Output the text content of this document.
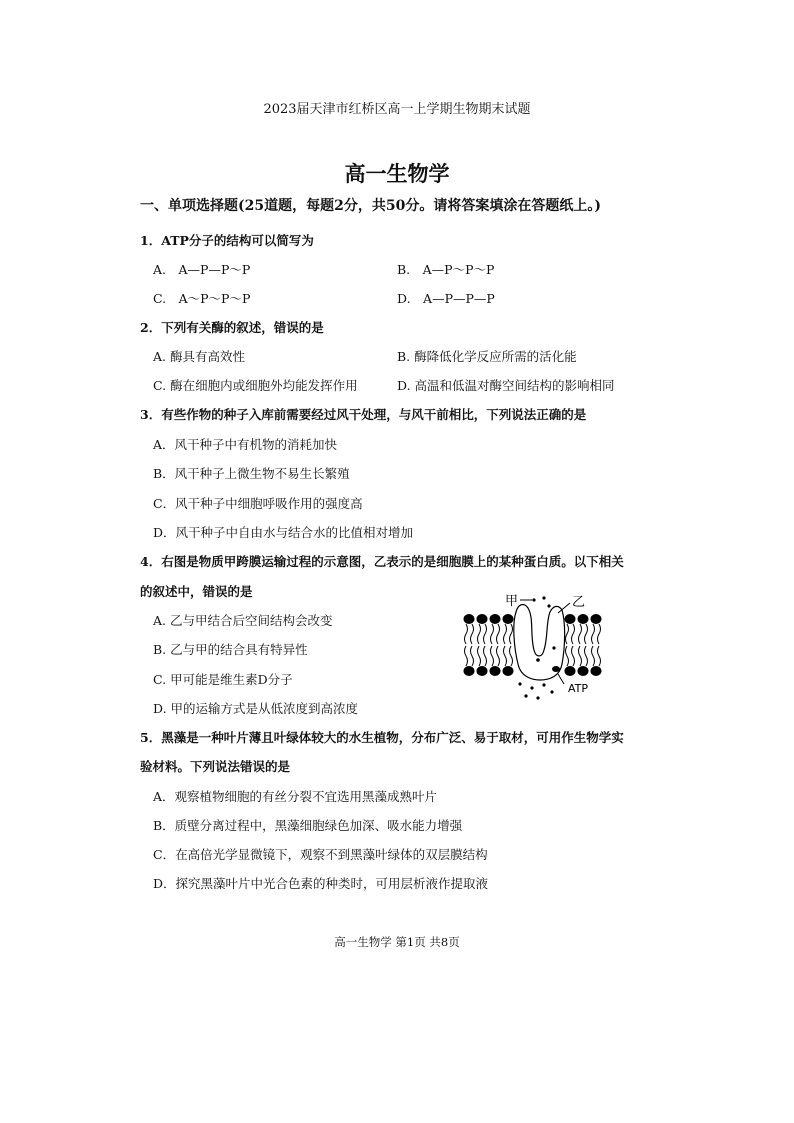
2023届天津市红桥区高一上学期生物期末试题
高一生物学
一、单项选择题(25道题，每题2分，共50分。请将答案填涂在答题纸上。)
1．ATP分子的结构可以简写为
A.　A—P—P～P	B.　A—P～P～P
C.　A～P～P～P	D.　A—P—P—P
2．下列有关酶的叙述，错误的是
A. 酶具有高效性	B. 酶降低化学反应所需的活化能
C. 酶在细胞内或细胞外均能发挥作用	D. 高温和低温对酶空间结构的影响相同
3．有些作物的种子入库前需要经过风干处理，与风干前相比，下列说法正确的是
A．风干种子中有机物的消耗加快
B．风干种子上微生物不易生长繁殖
C．风干种子中细胞呼吸作用的强度高
D．风干种子中自由水与结合水的比值相对增加
4．右图是物质甲跨膜运输过程的示意图，乙表示的是细胞膜上的某种蛋白质。以下相关
的叙述中，错误的是
A. 乙与甲结合后空间结构会改变
B. 乙与甲的结合具有特异性
C. 甲可能是维生素D分子
D. 甲的运输方式是从低浓度到高浓度
甲	乙
ATP
5．黑藻是一种叶片薄且叶绿体较大的水生植物，分布广泛、易于取材，可用作生物学实
验材料。下列说法错误的是
A．观察植物细胞的有丝分裂不宜选用黑藻成熟叶片
B．质壁分离过程中，黑藻细胞绿色加深、吸水能力增强
C．在高倍光学显微镜下，观察不到黑藻叶绿体的双层膜结构
D．探究黑藻叶片中光合色素的种类时，可用层析液作提取液
高一生物学 第1页 共8页
